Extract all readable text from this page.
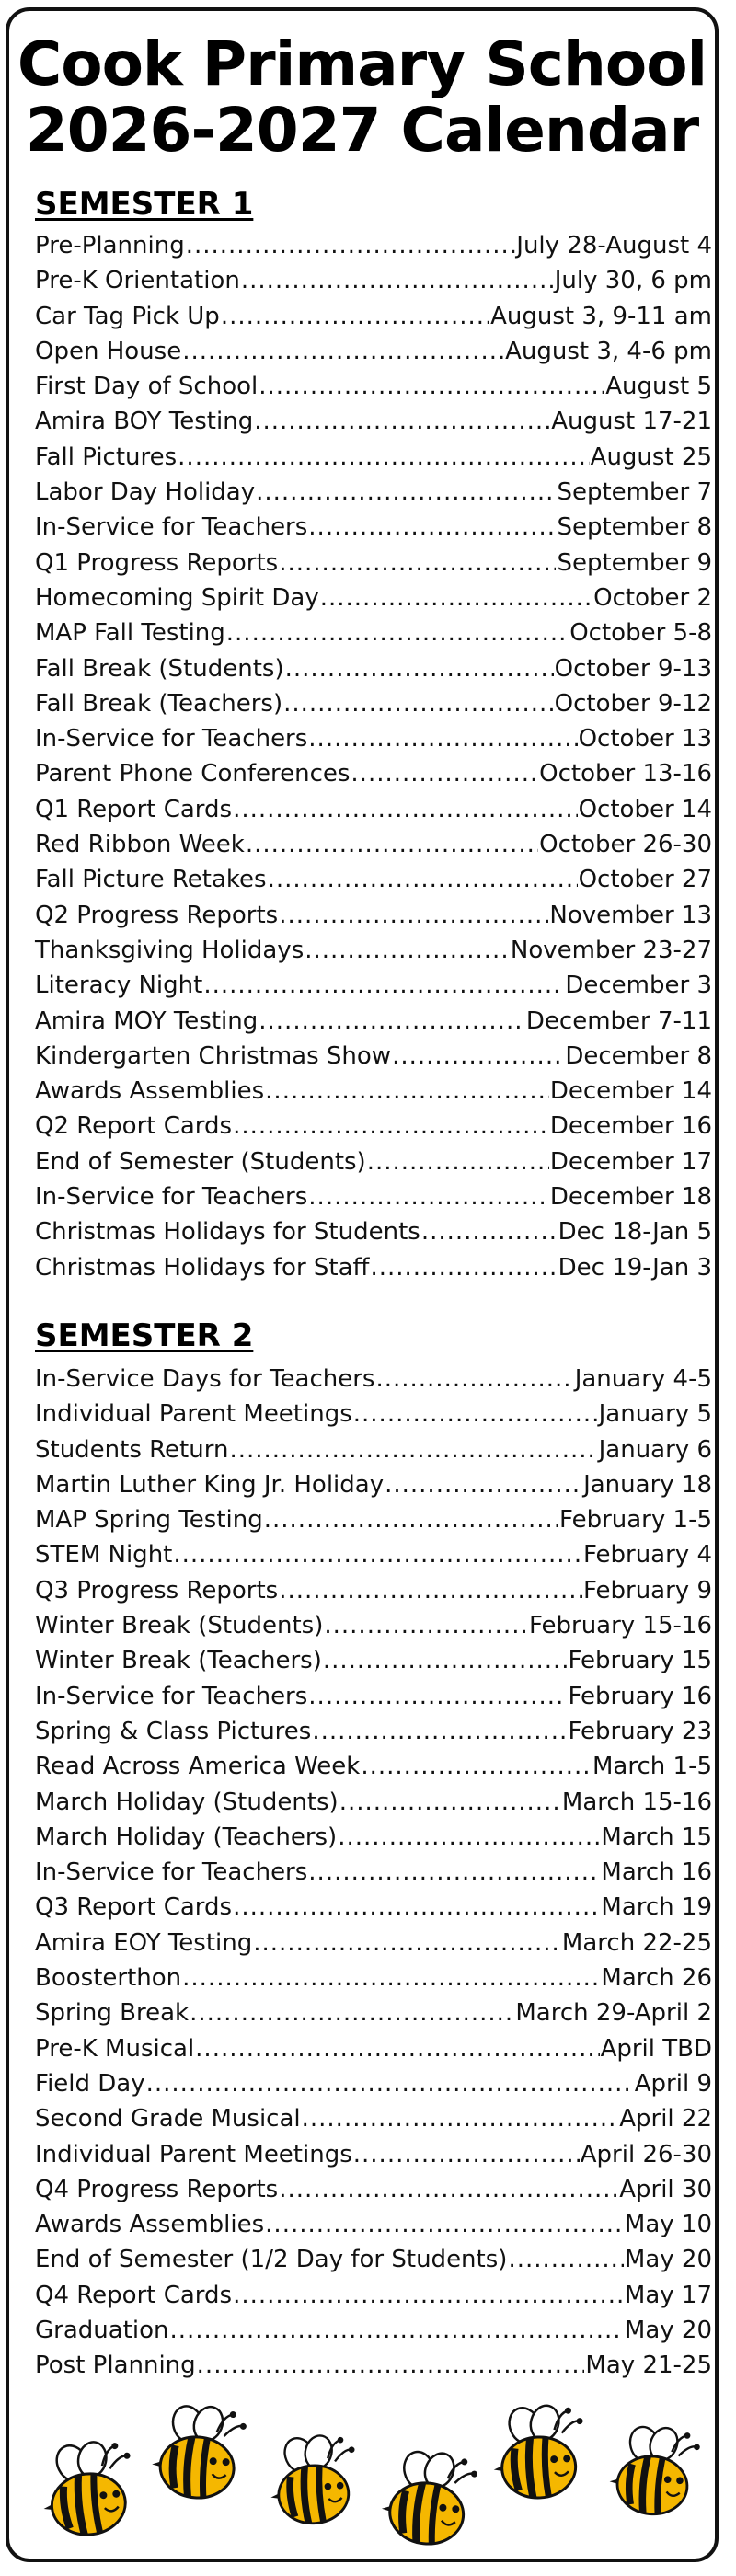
Cook Primary School
2026-2027 Calendar
SEMESTER 1
Pre-Planning .....	July 28-August 4
Pre-K Orientation .....	July 30, 6 pm
Car Tag Pick Up .....	August 3, 9-11 am
Open House .....	August 3, 4-6 pm
First Day of School .....	August 5
Amira BOY Testing .....	August 17-21
Fall Pictures .....	August 25
Labor Day Holiday .....	September 7
In-Service for Teachers .....	September 8
Q1 Progress Reports .....	September 9
Homecoming Spirit Day .....	October 2
MAP Fall Testing .....	October 5-8
Fall Break (Students) .....	October 9-13
Fall Break (Teachers) .....	October 9-12
In-Service for Teachers .....	October 13
Parent Phone Conferences .....	October 13-16
Q1 Report Cards .....	October 14
Red Ribbon Week .....	October 26-30
Fall Picture Retakes .....	October 27
Q2 Progress Reports .....	November 13
Thanksgiving Holidays .....	November 23-27
Literacy Night .....	December 3
Amira MOY Testing .....	December 7-11
Kindergarten Christmas Show .....	December 8
Awards Assemblies .....	December 14
Q2 Report Cards .....	December 16
End of Semester (Students) .....	December 17
In-Service for Teachers .....	December 18
Christmas Holidays for Students .....	Dec 18-Jan 5
Christmas Holidays for Staff .....	Dec 19-Jan 3
SEMESTER 2
In-Service Days for Teachers .....	January 4-5
Individual Parent Meetings .....	January 5
Students Return .....	January 6
Martin Luther King Jr. Holiday .....	January 18
MAP Spring Testing .....	February 1-5
STEM Night .....	February 4
Q3 Progress Reports .....	February 9
Winter Break (Students) .....	February 15-16
Winter Break (Teachers) .....	February 15
In-Service for Teachers .....	February 16
Spring & Class Pictures .....	February 23
Read Across America Week .....	March 1-5
March Holiday (Students) .....	March 15-16
March Holiday (Teachers) .....	March 15
In-Service for Teachers .....	March 16
Q3 Report Cards .....	March 19
Amira EOY Testing .....	March 22-25
Boosterthon .....	March 26
Spring Break .....	March 29-April 2
Pre-K Musical .....	April TBD
Field Day .....	April 9
Second Grade Musical .....	April 22
Individual Parent Meetings .....	April 26-30
Q4 Progress Reports .....	April 30
Awards Assemblies .....	May 10
End of Semester (1/2 Day for Students) .....	May 20
Q4 Report Cards .....	May 17
Graduation .....	May 20
Post Planning .....	May 21-25
